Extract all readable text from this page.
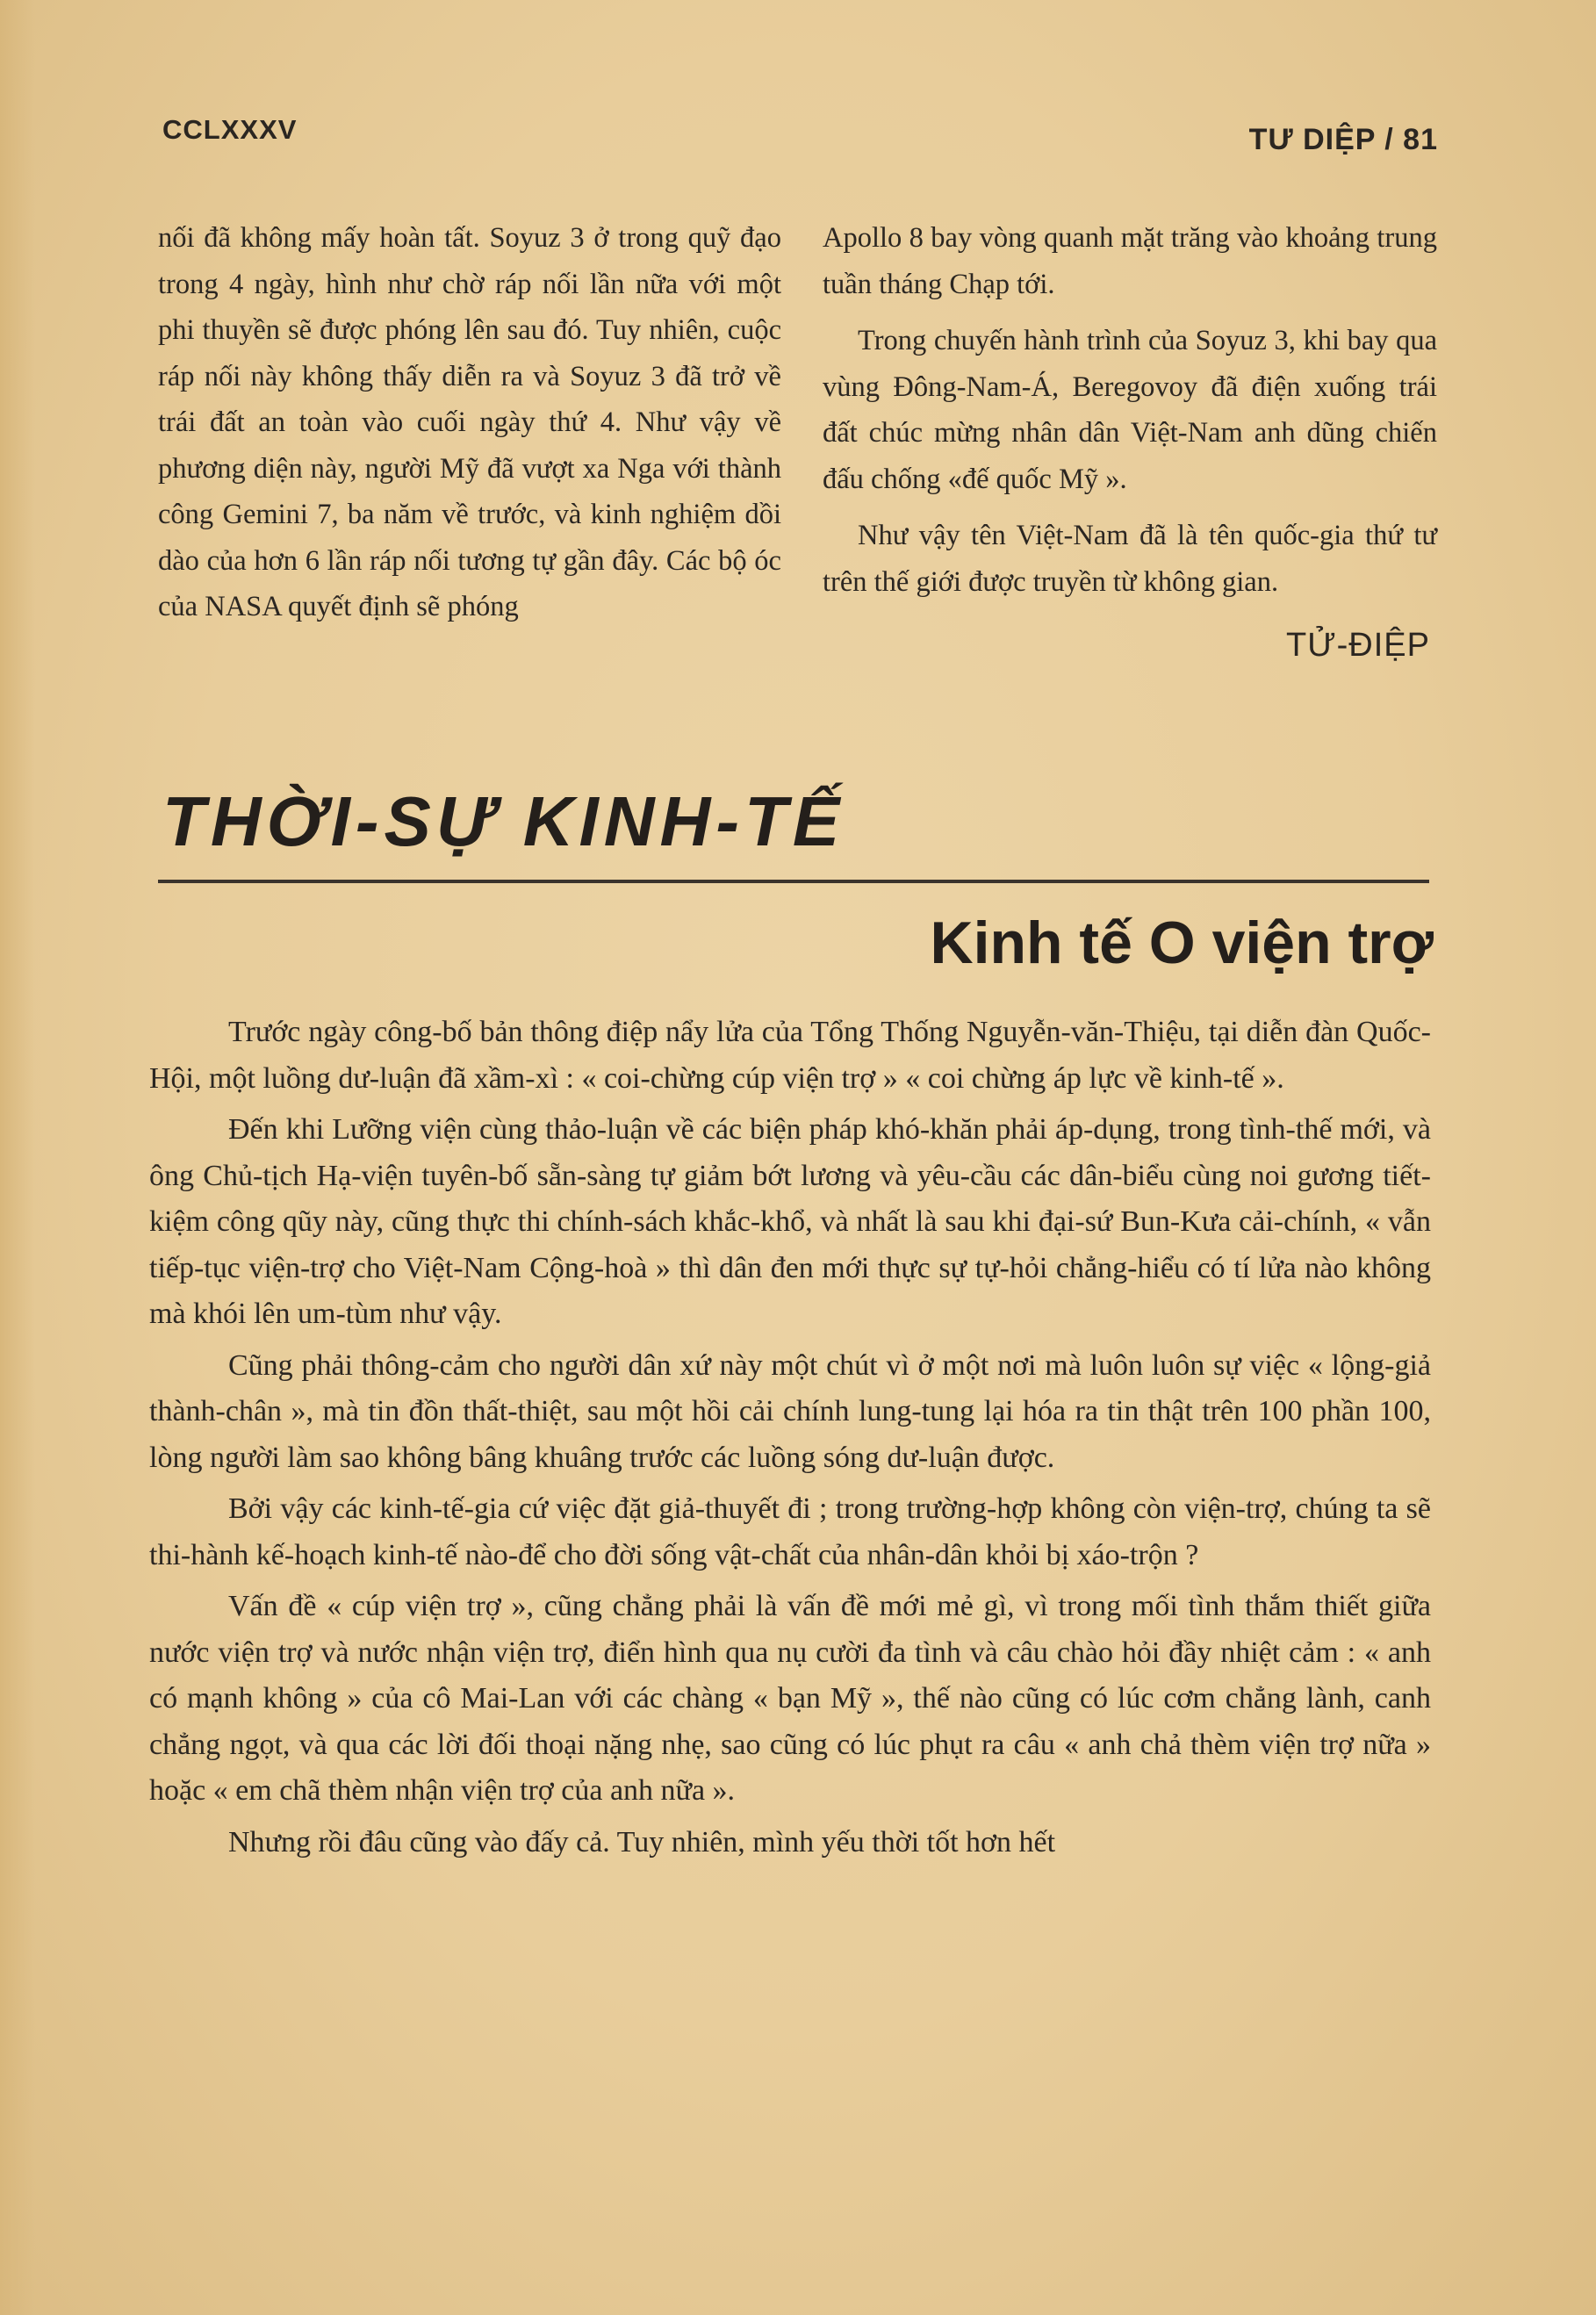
CCLXXXV	TƯ DIỆP / 81

nối đã không mấy hoàn tất. Soyuz 3 ở trong quỹ đạo trong 4 ngày, hình như chờ ráp nối lần nữa với một phi thuyền sẽ được phóng lên sau đó. Tuy nhiên, cuộc ráp nối này không thấy diễn ra và Soyuz 3 đã trở về trái đất an toàn vào cuối ngày thứ 4. Như vậy về phương diện này, người Mỹ đã vượt xa Nga với thành công Gemini 7, ba năm về trước, và kinh nghiệm dồi dào của hơn 6 lần ráp nối tương tự gần đây. Các bộ óc của NASA quyết định sẽ phóng

Apollo 8 bay vòng quanh mặt trăng vào khoảng trung tuần tháng Chạp tới.

Trong chuyến hành trình của Soyuz 3, khi bay qua vùng Đông-Nam-Á, Beregovoy đã điện xuống trái đất chúc mừng nhân dân Việt-Nam anh dũng chiến đấu chống «đế quốc Mỹ ».

Như vậy tên Việt-Nam đã là tên quốc-gia thứ tư trên thế giới được truyền từ không gian.

TỬ-ĐIỆP
THỜI-SỰ KINH-TẾ
Kinh tế O viện trợ

Trước ngày công-bố bản thông điệp nẩy lửa của Tổng Thống Nguyễn-văn-Thiệu, tại diễn đàn Quốc-Hội, một luồng dư-luận đã xầm-xì : « coi-chừng cúp viện trợ » « coi chừng áp lực về kinh-tế ».

Đến khi Lưỡng viện cùng thảo-luận về các biện pháp khó-khăn phải áp-dụng, trong tình-thế mới, và ông Chủ-tịch Hạ-viện tuyên-bố sẵn-sàng tự giảm bớt lương và yêu-cầu các dân-biểu cùng noi gương tiết-kiệm công qũy này, cũng thực thi chính-sách khắc-khổ, và nhất là sau khi đại-sứ Bun-Kưa cải-chính, « vẫn tiếp-tục viện-trợ cho Việt-Nam Cộng-hoà » thì dân đen mới thực sự tự-hỏi chẳng-hiểu có tí lửa nào không mà khói lên um-tùm như vậy.

Cũng phải thông-cảm cho người dân xứ này một chút vì ở một nơi mà luôn luôn sự việc « lộng-giả thành-chân », mà tin đồn thất-thiệt, sau một hồi cải chính lung-tung lại hóa ra tin thật trên 100 phần 100, lòng người làm sao không bâng khuâng trước các luồng sóng dư-luận được.

Bởi vậy các kinh-tế-gia cứ việc đặt giả-thuyết đi ; trong trường-hợp không còn viện-trợ, chúng ta sẽ thi-hành kế-hoạch kinh-tế nào-để cho đời sống vật-chất của nhân-dân khỏi bị xáo-trộn ?

Vấn đề « cúp viện trợ », cũng chẳng phải là vấn đề mới mẻ gì, vì trong mối tình thắm thiết giữa nước viện trợ và nước nhận viện trợ, điển hình qua nụ cười đa tình và câu chào hỏi đầy nhiệt cảm : « anh có mạnh không » của cô Mai-Lan với các chàng « bạn Mỹ », thế nào cũng có lúc cơm chẳng lành, canh chẳng ngọt, và qua các lời đối thoại nặng nhẹ, sao cũng có lúc phụt ra câu « anh chả thèm viện trợ nữa » hoặc « em chã thèm nhận viện trợ của anh nữa ».

Nhưng rồi đâu cũng vào đấy cả. Tuy nhiên, mình yếu thời tốt hơn hết
